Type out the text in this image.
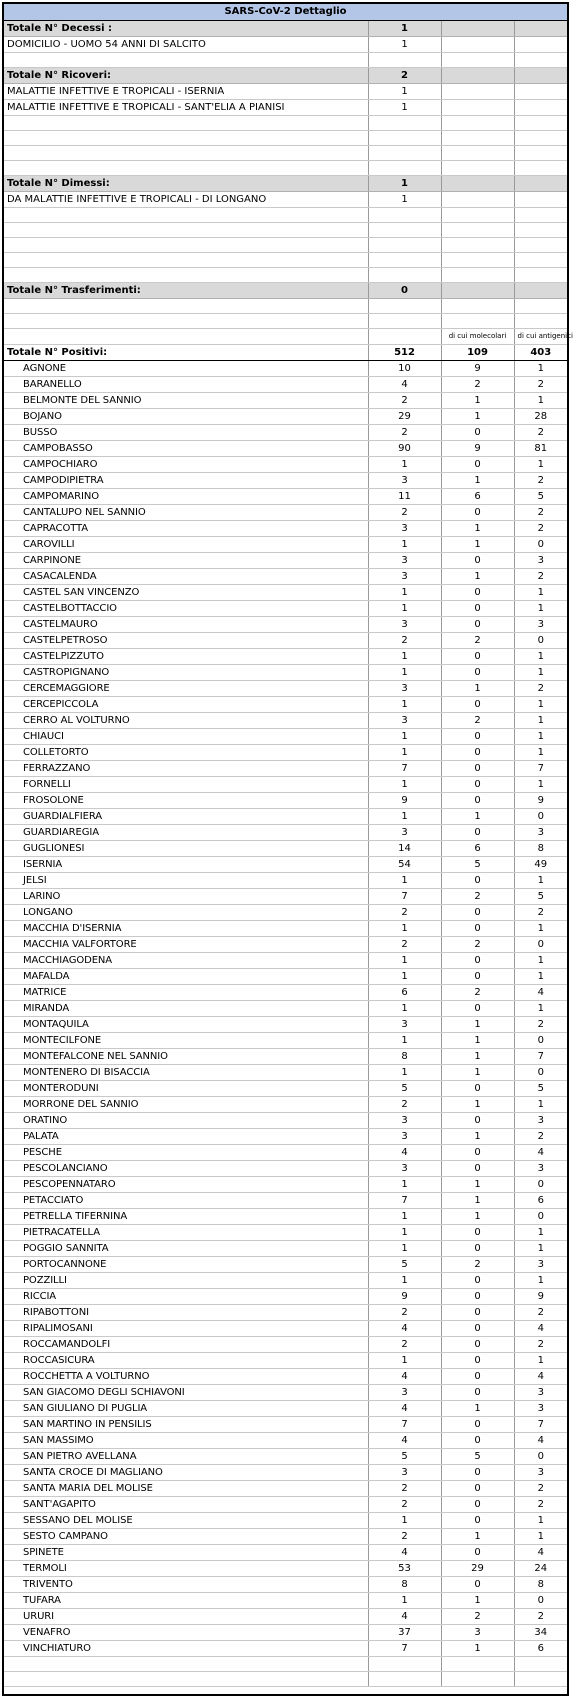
SARS-CoV-2 Dettaglio			
Totale N° Decessi :	1		
DOMICILIO - UOMO 54 ANNI DI SALCITO	1		

Totale N° Ricoveri:	2		
MALATTIE INFETTIVE E TROPICALI - ISERNIA	1		
MALATTIE INFETTIVE E TROPICALI - SANT'ELIA A PIANISI	1		

Totale N° Dimessi:	1		
DA MALATTIE INFETTIVE E TROPICALI - DI LONGANO	1		

Totale N° Trasferimenti:	0		

		di cui molecolari	di cui antigenici
Totale N° Positivi:	512	109	403
AGNONE	10	9	1
BARANELLO	4	2	2
BELMONTE DEL SANNIO	2	1	1
BOJANO	29	1	28
BUSSO	2	0	2
CAMPOBASSO	90	9	81
CAMPOCHIARO	1	0	1
CAMPODIPIETRA	3	1	2
CAMPOMARINO	11	6	5
CANTALUPO NEL SANNIO	2	0	2
CAPRACOTTA	3	1	2
CAROVILLI	1	1	0
CARPINONE	3	0	3
CASACALENDA	3	1	2
CASTEL SAN VINCENZO	1	0	1
CASTELBOTTACCIO	1	0	1
CASTELMAURO	3	0	3
CASTELPETROSO	2	2	0
CASTELPIZZUTO	1	0	1
CASTROPIGNANO	1	0	1
CERCEMAGGIORE	3	1	2
CERCEPICCOLA	1	0	1
CERRO AL VOLTURNO	3	2	1
CHIAUCI	1	0	1
COLLETORTO	1	0	1
FERRAZZANO	7	0	7
FORNELLI	1	0	1
FROSOLONE	9	0	9
GUARDIALFIERA	1	1	0
GUARDIAREGIA	3	0	3
GUGLIONESI	14	6	8
ISERNIA	54	5	49
JELSI	1	0	1
LARINO	7	2	5
LONGANO	2	0	2
MACCHIA D'ISERNIA	1	0	1
MACCHIA VALFORTORE	2	2	0
MACCHIAGODENA	1	0	1
MAFALDA	1	0	1
MATRICE	6	2	4
MIRANDA	1	0	1
MONTAQUILA	3	1	2
MONTECILFONE	1	1	0
MONTEFALCONE NEL SANNIO	8	1	7
MONTENERO DI BISACCIA	1	1	0
MONTERODUNI	5	0	5
MORRONE DEL SANNIO	2	1	1
ORATINO	3	0	3
PALATA	3	1	2
PESCHE	4	0	4
PESCOLANCIANO	3	0	3
PESCOPENNATARO	1	1	0
PETACCIATO	7	1	6
PETRELLA TIFERNINA	1	1	0
PIETRACATELLA	1	0	1
POGGIO SANNITA	1	0	1
PORTOCANNONE	5	2	3
POZZILLI	1	0	1
RICCIA	9	0	9
RIPABOTTONI	2	0	2
RIPALIMOSANI	4	0	4
ROCCAMANDOLFI	2	0	2
ROCCASICURA	1	0	1
ROCCHETTA A VOLTURNO	4	0	4
SAN GIACOMO DEGLI SCHIAVONI	3	0	3
SAN GIULIANO DI PUGLIA	4	1	3
SAN MARTINO IN PENSILIS	7	0	7
SAN MASSIMO	4	0	4
SAN PIETRO AVELLANA	5	5	0
SANTA CROCE DI MAGLIANO	3	0	3
SANTA MARIA DEL MOLISE	2	0	2
SANT'AGAPITO	2	0	2
SESSANO DEL MOLISE	1	0	1
SESTO CAMPANO	2	1	1
SPINETE	4	0	4
TERMOLI	53	29	24
TRIVENTO	8	0	8
TUFARA	1	1	0
URURI	4	2	2
VENAFRO	37	3	34
VINCHIATURO	7	1	6
